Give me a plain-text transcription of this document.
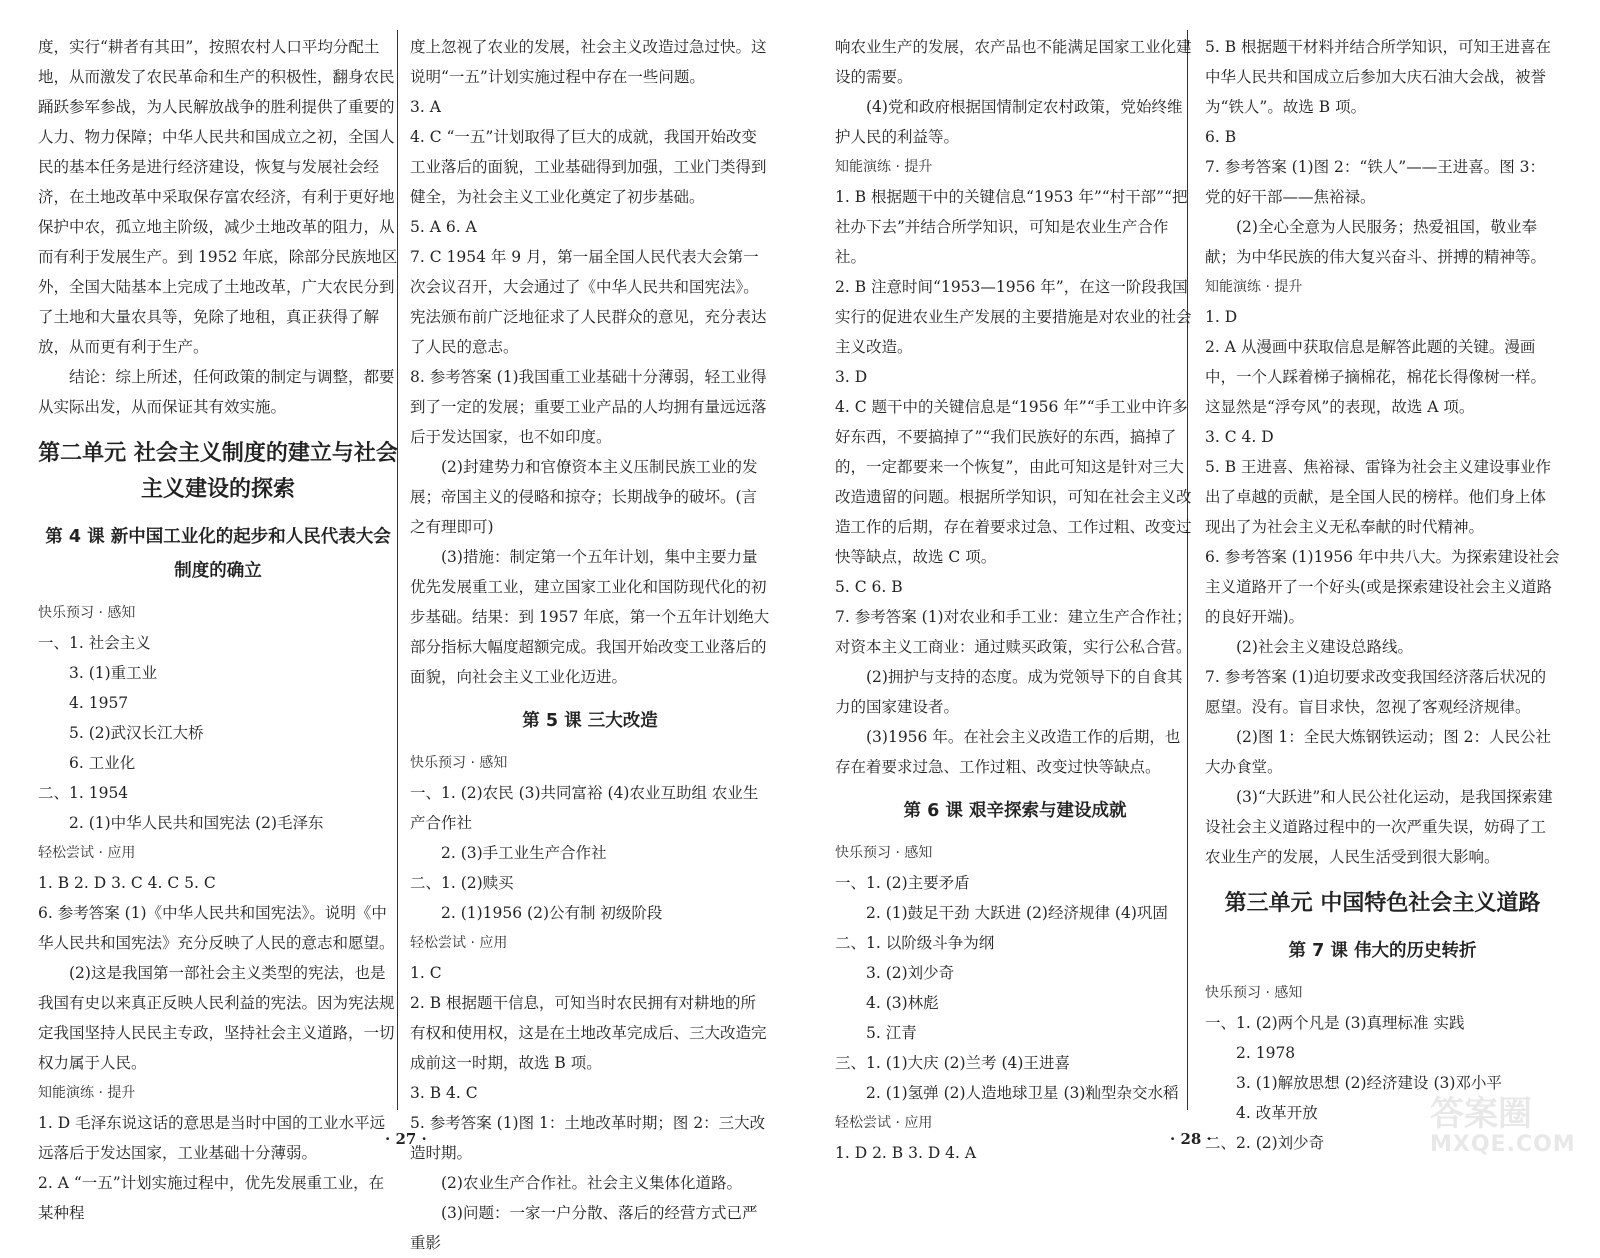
度，实行“耕者有其田”，按照农村人口平均分配土地，从而激发了农民革命和生产的积极性，翻身农民踊跃参军参战，为人民解放战争的胜利提供了重要的人力、物力保障；中华人民共和国成立之初，全国人民的基本任务是进行经济建设，恢复与发展社会经济，在土地改革中采取保存富农经济，有利于更好地保护中农，孤立地主阶级，减少土地改革的阻力，从而有利于发展生产。到 1952 年底，除部分民族地区外，全国大陆基本上完成了土地改革，广大农民分到了土地和大量农具等，免除了地租，真正获得了解放，从而更有利于生产。

结论：综上所述，任何政策的制定与调整，都要从实际出发，从而保证其有效实施。

第二单元 社会主义制度的建立与社会主义建设的探索

第 4 课 新中国工业化的起步和人民代表大会制度的确立

快乐预习 · 感知

一、1. 社会主义

3. (1)重工业

4. 1957

5. (2)武汉长江大桥

6. 工业化

二、1. 1954

2. (1)中华人民共和国宪法 (2)毛泽东

轻松尝试 · 应用

1. B 2. D 3. C 4. C 5. C

6. 参考答案 (1)《中华人民共和国宪法》。说明《中华人民共和国宪法》充分反映了人民的意志和愿望。

(2)这是我国第一部社会主义类型的宪法，也是我国有史以来真正反映人民利益的宪法。因为宪法规定我国坚持人民民主专政，坚持社会主义道路，一切权力属于人民。

知能演练 · 提升

1. D 毛泽东说这话的意思是当时中国的工业水平远远落后于发达国家，工业基础十分薄弱。

2. A “一五”计划实施过程中，优先发展重工业，在某种程

度上忽视了农业的发展，社会主义改造过急过快。这说明“一五”计划实施过程中存在一些问题。

3. A

4. C “一五”计划取得了巨大的成就，我国开始改变工业落后的面貌，工业基础得到加强，工业门类得到健全，为社会主义工业化奠定了初步基础。

5. A 6. A

7. C 1954 年 9 月，第一届全国人民代表大会第一次会议召开，大会通过了《中华人民共和国宪法》。宪法颁布前广泛地征求了人民群众的意见，充分表达了人民的意志。

8. 参考答案 (1)我国重工业基础十分薄弱，轻工业得到了一定的发展；重要工业产品的人均拥有量远远落后于发达国家，也不如印度。

(2)封建势力和官僚资本主义压制民族工业的发展；帝国主义的侵略和掠夺；长期战争的破坏。(言之有理即可)

(3)措施：制定第一个五年计划，集中主要力量优先发展重工业，建立国家工业化和国防现代化的初步基础。结果：到 1957 年底，第一个五年计划绝大部分指标大幅度超额完成。我国开始改变工业落后的面貌，向社会主义工业化迈进。

第 5 课 三大改造

快乐预习 · 感知

一、1. (2)农民 (3)共同富裕 (4)农业互助组 农业生产合作社

2. (3)手工业生产合作社

二、1. (2)赎买

2. (1)1956 (2)公有制 初级阶段

轻松尝试 · 应用

1. C

2. B 根据题干信息，可知当时农民拥有对耕地的所有权和使用权，这是在土地改革完成后、三大改造完成前这一时期，故选 B 项。

3. B 4. C

5. 参考答案 (1)图 1：土地改革时期；图 2：三大改造时期。

(2)农业生产合作社。社会主义集体化道路。

(3)问题：一家一户分散、落后的经营方式已严重影

响农业生产的发展，农产品也不能满足国家工业化建设的需要。

(4)党和政府根据国情制定农村政策，党始终维护人民的利益等。

知能演练 · 提升

1. B 根据题干中的关键信息“1953 年”“村干部”“把社办下去”并结合所学知识，可知是农业生产合作社。

2. B 注意时间“1953—1956 年”，在这一阶段我国实行的促进农业生产发展的主要措施是对农业的社会主义改造。

3. D

4. C 题干中的关键信息是“1956 年”“手工业中许多好东西，不要搞掉了”“我们民族好的东西，搞掉了的，一定都要来一个恢复”，由此可知这是针对三大改造遗留的问题。根据所学知识，可知在社会主义改造工作的后期，存在着要求过急、工作过粗、改变过快等缺点，故选 C 项。

5. C 6. B

7. 参考答案 (1)对农业和手工业：建立生产合作社；对资本主义工商业：通过赎买政策，实行公私合营。

(2)拥护与支持的态度。成为党领导下的自食其力的国家建设者。

(3)1956 年。在社会主义改造工作的后期，也存在着要求过急、工作过粗、改变过快等缺点。

第 6 课 艰辛探索与建设成就

快乐预习 · 感知

一、1. (2)主要矛盾

2. (1)鼓足干劲 大跃进 (2)经济规律 (4)巩固

二、1. 以阶级斗争为纲

3. (2)刘少奇

4. (3)林彪

5. 江青

三、1. (1)大庆 (2)兰考 (4)王进喜

2. (1)氢弹 (2)人造地球卫星 (3)籼型杂交水稻

轻松尝试 · 应用

1. D 2. B 3. D 4. A

5. B 根据题干材料并结合所学知识，可知王进喜在中华人民共和国成立后参加大庆石油大会战，被誉为“铁人”。故选 B 项。

6. B

7. 参考答案 (1)图 2：“铁人”——王进喜。图 3：党的好干部——焦裕禄。

(2)全心全意为人民服务；热爱祖国，敬业奉献；为中华民族的伟大复兴奋斗、拼搏的精神等。

知能演练 · 提升

1. D

2. A 从漫画中获取信息是解答此题的关键。漫画中，一个人踩着梯子摘棉花，棉花长得像树一样。这显然是“浮夸风”的表现，故选 A 项。

3. C 4. D

5. B 王进喜、焦裕禄、雷锋为社会主义建设事业作出了卓越的贡献，是全国人民的榜样。他们身上体现出了为社会主义无私奉献的时代精神。

6. 参考答案 (1)1956 年中共八大。为探索建设社会主义道路开了一个好头(或是探索建设社会主义道路的良好开端)。

(2)社会主义建设总路线。

7. 参考答案 (1)迫切要求改变我国经济落后状况的愿望。没有。盲目求快，忽视了客观经济规律。

(2)图 1：全民大炼钢铁运动；图 2：人民公社大办食堂。

(3)“大跃进”和人民公社化运动，是我国探索建设社会主义道路过程中的一次严重失误，妨碍了工农业生产的发展，人民生活受到很大影响。

第三单元 中国特色社会主义道路

第 7 课 伟大的历史转折

快乐预习 · 感知

一、1. (2)两个凡是 (3)真理标准 实践

2. 1978

3. (1)解放思想 (2)经济建设 (3)邓小平

4. 改革开放

二、2. (2)刘少奇

· 27 ·	· 28 ·
答案圈
MXQE.COM
